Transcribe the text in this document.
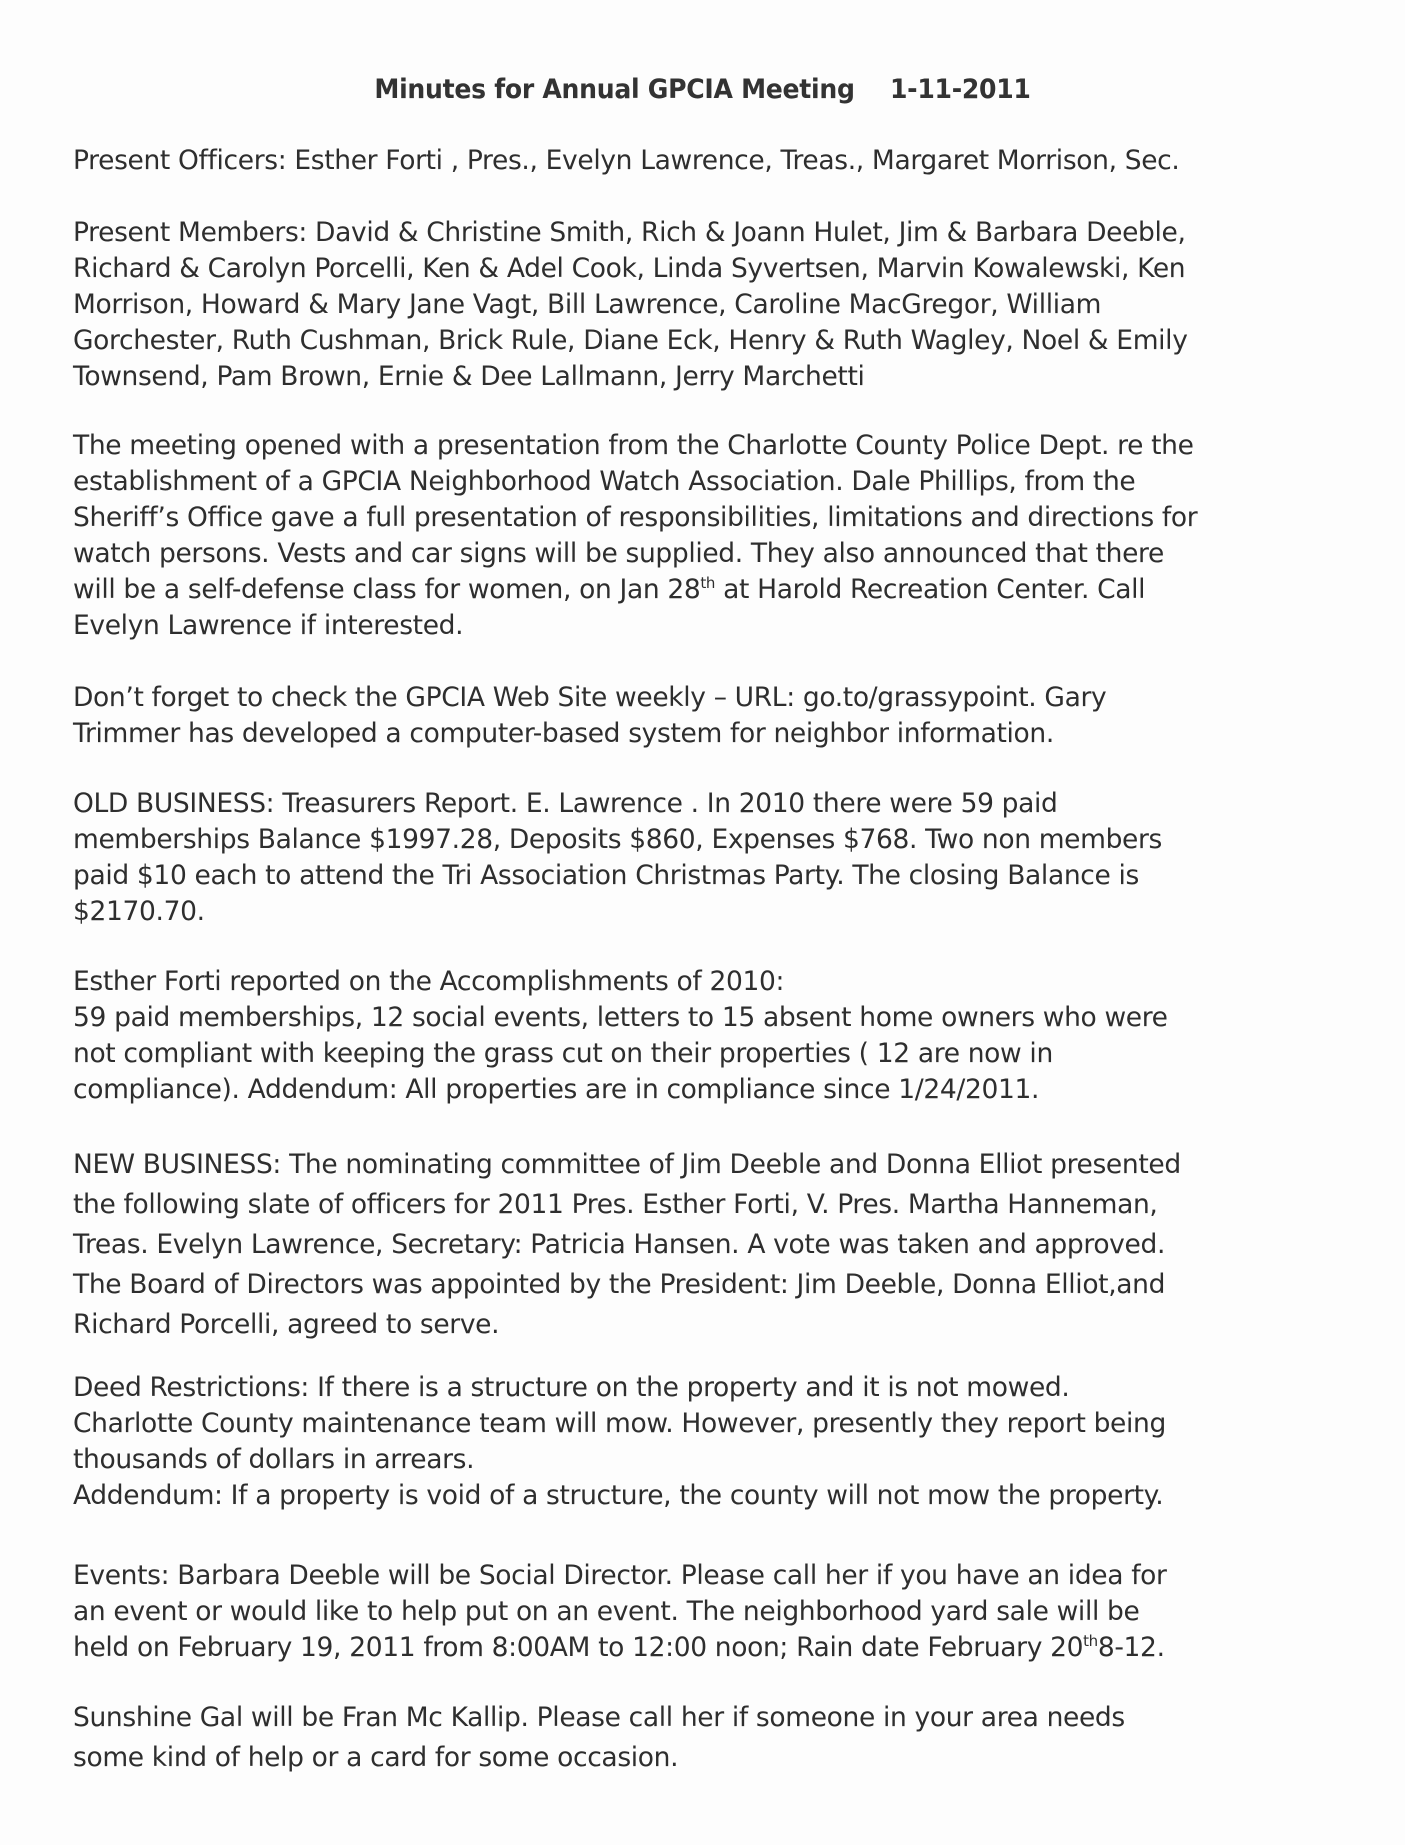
Minutes for Annual GPCIA Meeting 1-11-2011
Present Officers: Esther Forti , Pres., Evelyn Lawrence, Treas., Margaret Morrison, Sec.
Present Members: David & Christine Smith, Rich & Joann Hulet, Jim & Barbara Deeble,
Richard & Carolyn Porcelli, Ken & Adel Cook, Linda Syvertsen, Marvin Kowalewski, Ken
Morrison, Howard & Mary Jane Vagt, Bill Lawrence, Caroline MacGregor, William
Gorchester, Ruth Cushman, Brick Rule, Diane Eck, Henry & Ruth Wagley, Noel & Emily
Townsend, Pam Brown, Ernie & Dee Lallmann, Jerry Marchetti
The meeting opened with a presentation from the Charlotte County Police Dept. re the
establishment of a GPCIA Neighborhood Watch Association. Dale Phillips, from the
Sheriff’s Office gave a full presentation of responsibilities, limitations and directions for
watch persons. Vests and car signs will be supplied. They also announced that there
will be a self-defense class for women, on Jan 28th at Harold Recreation Center. Call
Evelyn Lawrence if interested.
Don’t forget to check the GPCIA Web Site weekly – URL: go.to/grassypoint. Gary
Trimmer has developed a computer-based system for neighbor information.
OLD BUSINESS: Treasurers Report. E. Lawrence . In 2010 there were 59 paid
memberships Balance $1997.28, Deposits $860, Expenses $768. Two non members
paid $10 each to attend the Tri Association Christmas Party. The closing Balance is
$2170.70.
Esther Forti reported on the Accomplishments of 2010:
59 paid memberships, 12 social events, letters to 15 absent home owners who were
not compliant with keeping the grass cut on their properties ( 12 are now in
compliance). Addendum: All properties are in compliance since 1/24/2011.
NEW BUSINESS: The nominating committee of Jim Deeble and Donna Elliot presented
the following slate of officers for 2011 Pres. Esther Forti, V. Pres. Martha Hanneman,
Treas. Evelyn Lawrence, Secretary: Patricia Hansen. A vote was taken and approved.
The Board of Directors was appointed by the President: Jim Deeble, Donna Elliot,and
Richard Porcelli, agreed to serve.
Deed Restrictions: If there is a structure on the property and it is not mowed.
Charlotte County maintenance team will mow. However, presently they report being
thousands of dollars in arrears.
Addendum: If a property is void of a structure, the county will not mow the property.
Events: Barbara Deeble will be Social Director. Please call her if you have an idea for
an event or would like to help put on an event. The neighborhood yard sale will be
held on February 19, 2011 from 8:00AM to 12:00 noon; Rain date February 20th8-12.
Sunshine Gal will be Fran Mc Kallip. Please call her if someone in your area needs
some kind of help or a card for some occasion.
